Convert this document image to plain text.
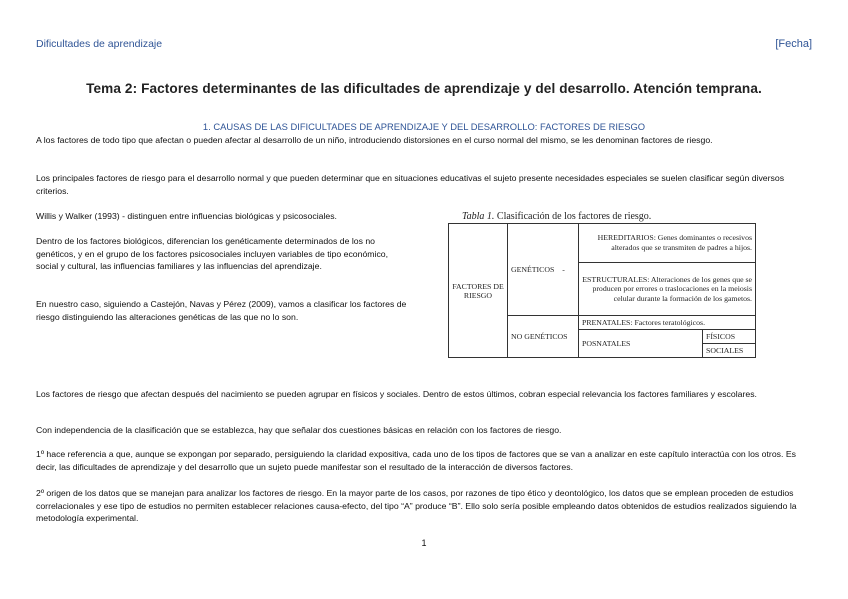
Dificultades de aprendizaje	[Fecha]
Tema 2: Factores determinantes de las dificultades de aprendizaje y del desarrollo. Atención temprana.
1. CAUSAS DE LAS DIFICULTADES DE APRENDIZAJE Y DEL DESARROLLO: FACTORES DE RIESGO

A los factores de todo tipo que afectan o pueden afectar al desarrollo de un niño, introduciendo distorsiones en el curso normal del mismo, se les denominan factores de riesgo.

Los principales factores de riesgo para el desarrollo normal y que pueden determinar que en situaciones educativas el sujeto presente necesidades especiales se suelen clasificar según diversos criterios.

Willis y Walker (1993) - distinguen entre influencias biológicas y psicosociales.

Dentro de los factores biológicos, diferencian los genéticamente determinados de los no genéticos, y en el grupo de los factores psicosociales incluyen variables de tipo económico, social y cultural, las influencias familiares y las influencias del aprendizaje.

En nuestro caso, siguiendo a Castejón, Navas y Pérez (2009), vamos a clasificar los factores de riesgo distinguiendo las alteraciones genéticas de las que no lo son.

Tabla 1. Clasificación de los factores de riesgo.
FACTORES DE RIESGO	GENÉTICOS -	HEREDITARIOS: Genes dominantes o recesivos alterados que se transmiten de padres a hijos.	
		ESTRUCTURALES: Alteraciones de los genes que se producen por errores o traslocaciones en la meiosis celular durante la formación de los gametos.	
	NO GENÉTICOS	PRENATALES: Factores teratológicos.	
		POSNATALES	FÍSICOS
			SOCIALES

Los factores de riesgo que afectan después del nacimiento se pueden agrupar en físicos y sociales. Dentro de estos últimos, cobran especial relevancia los factores familiares y escolares.

Con independencia de la clasificación que se establezca, hay que señalar dos cuestiones básicas en relación con los factores de riesgo.

1º hace referencia a que, aunque se expongan por separado, persiguiendo la claridad expositiva, cada uno de los tipos de factores que se van a analizar en este capítulo interactúa con los otros. Es decir, las dificultades de aprendizaje y del desarrollo que un sujeto puede manifestar son el resultado de la interacción de diversos factores.

2º origen de los datos que se manejan para analizar los factores de riesgo. En la mayor parte de los casos, por razones de tipo ético y deontológico, los datos que se emplean proceden de estudios correlacionales y ese tipo de estudios no permiten establecer relaciones causa-efecto, del tipo “A” produce “B”. Ello solo sería posible empleando datos obtenidos de estudios realizados siguiendo la metodología experimental.

1
